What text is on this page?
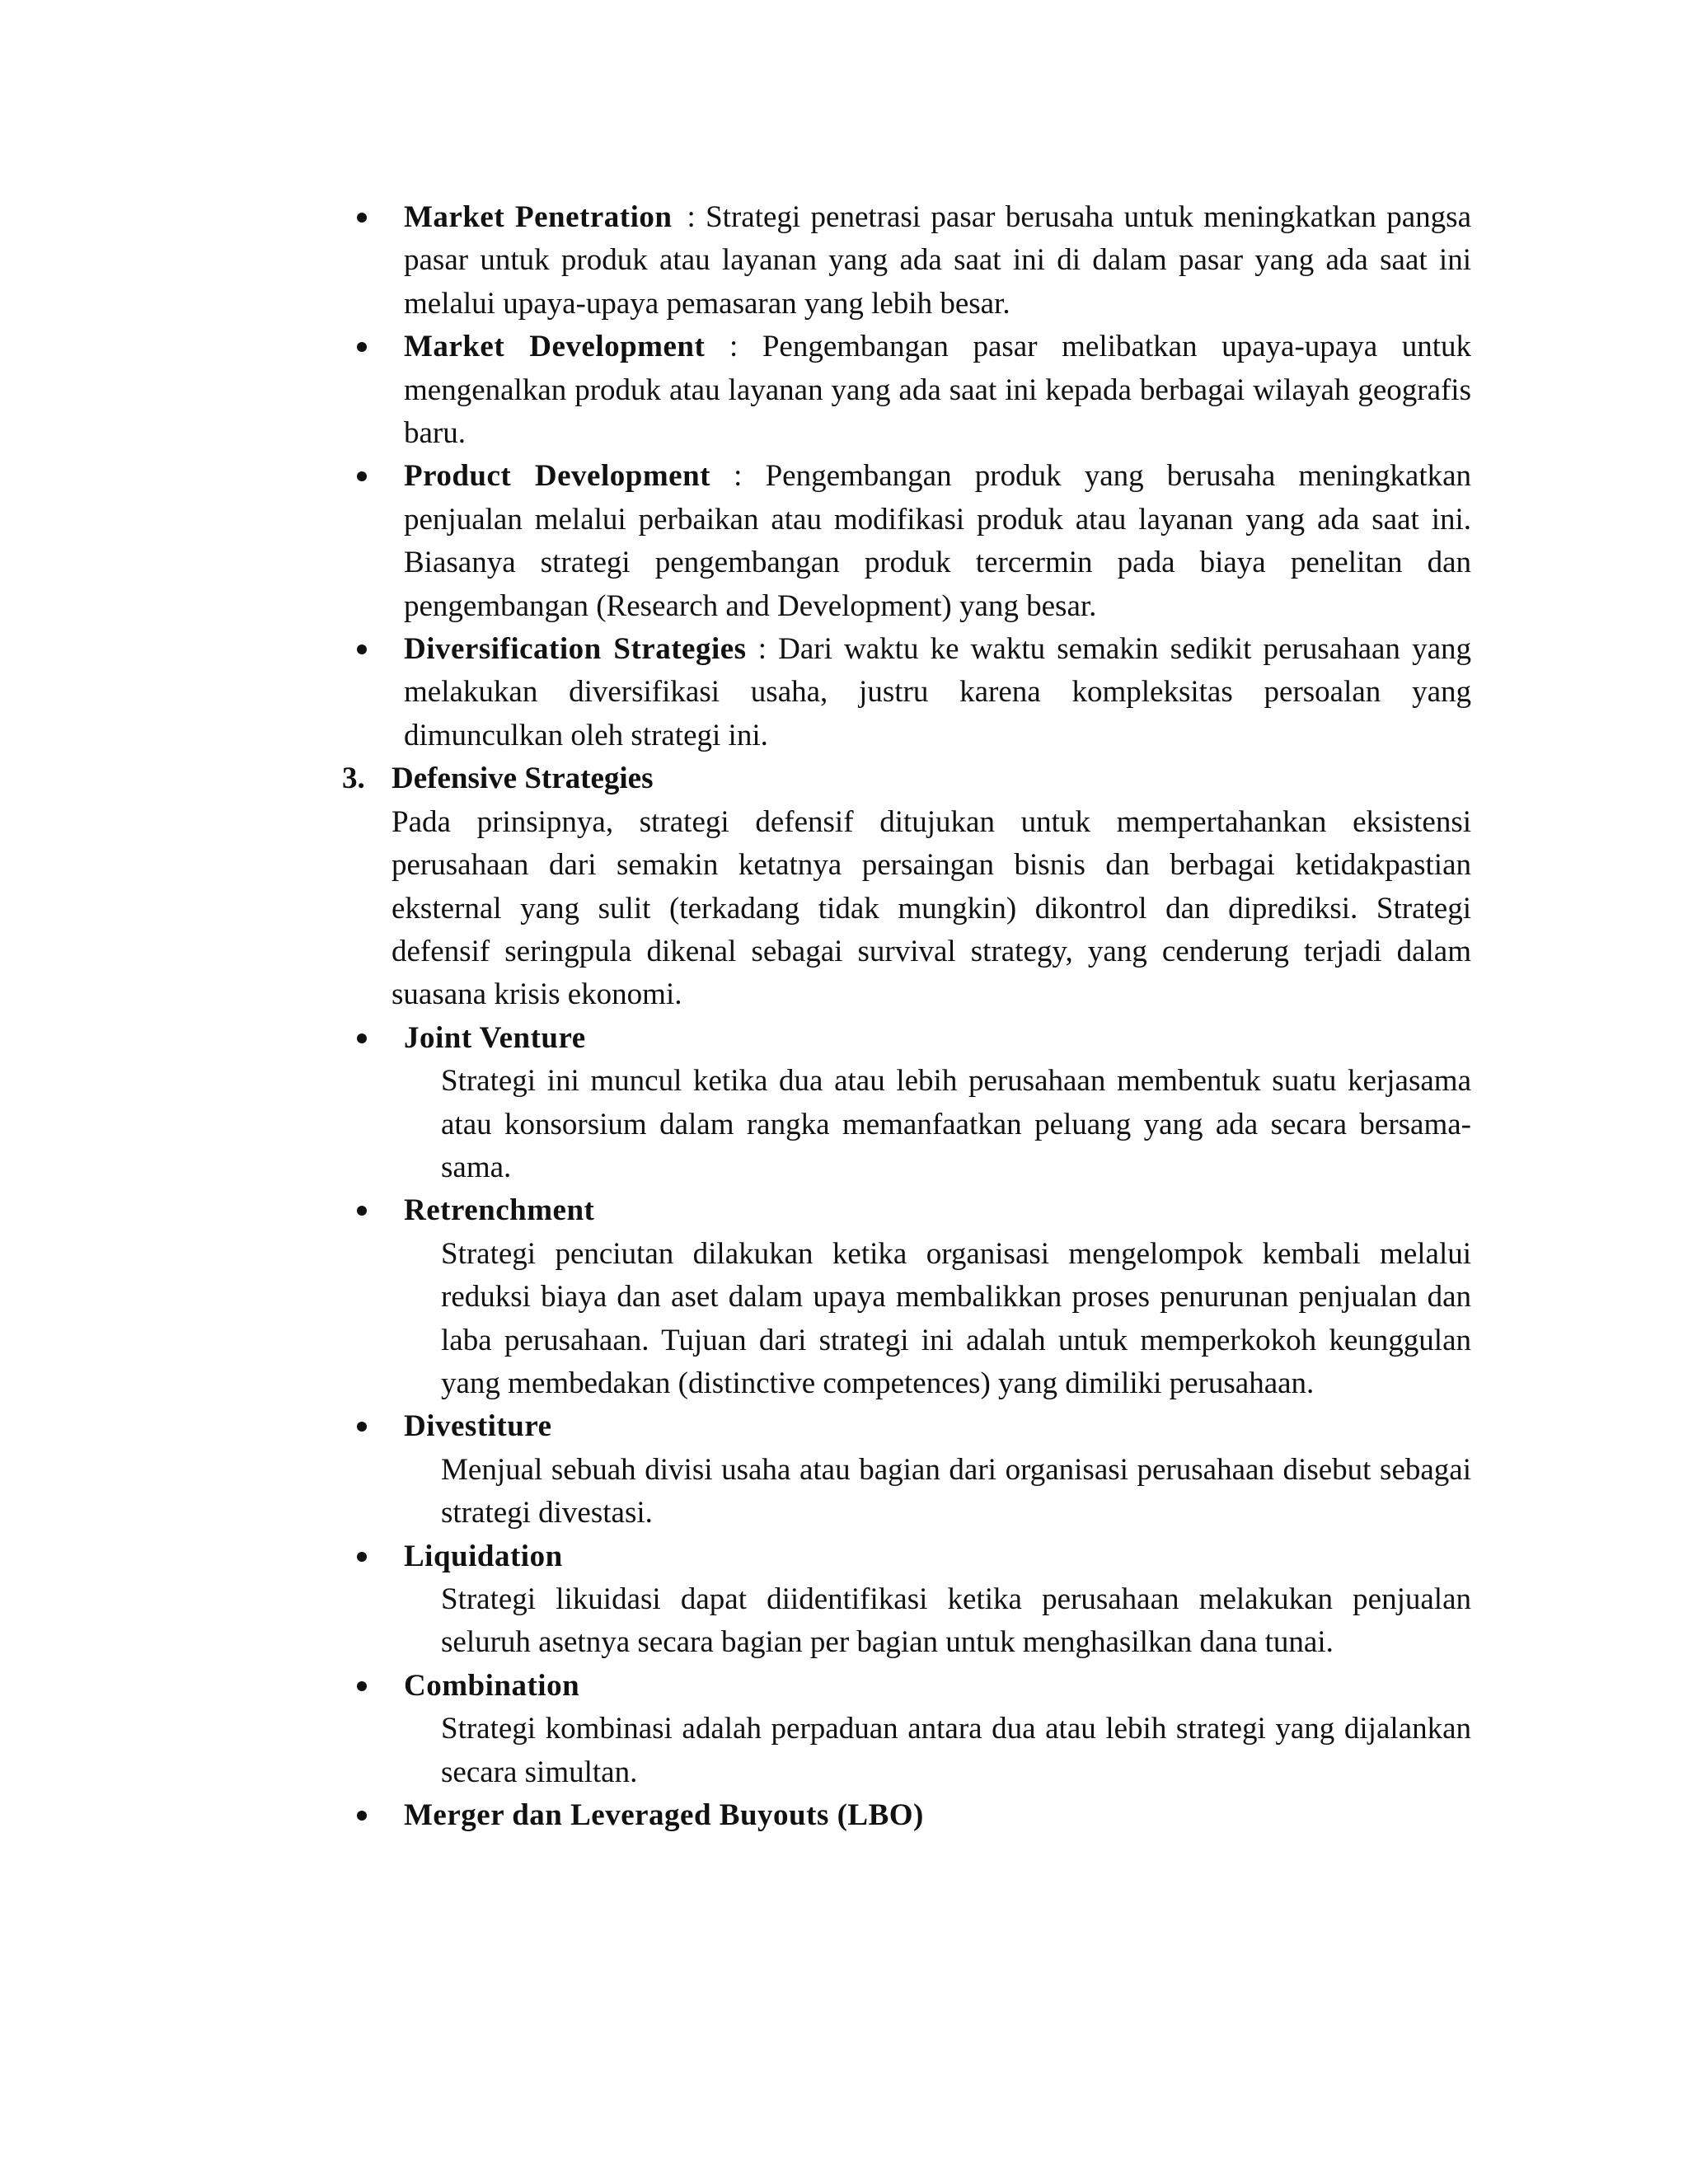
Market Penetration : Strategi penetrasi pasar berusaha untuk meningkatkan pangsa pasar untuk produk atau layanan yang ada saat ini di dalam pasar yang ada saat ini melalui upaya-upaya pemasaran yang lebih besar.

Market Development : Pengembangan pasar melibatkan upaya-upaya untuk mengenalkan produk atau layanan yang ada saat ini kepada berbagai wilayah geografis baru.

Product Development : Pengembangan produk yang berusaha meningkatkan penjualan melalui perbaikan atau modifikasi produk atau layanan yang ada saat ini. Biasanya strategi pengembangan produk tercermin pada biaya penelitan dan pengembangan (Research and Development) yang besar.

Diversification Strategies : Dari waktu ke waktu semakin sedikit perusahaan yang melakukan diversifikasi usaha, justru karena kompleksitas persoalan yang dimunculkan oleh strategi ini.

3. Defensive Strategies

Pada prinsipnya, strategi defensif ditujukan untuk mempertahankan eksistensi perusahaan dari semakin ketatnya persaingan bisnis dan berbagai ketidakpastian eksternal yang sulit (terkadang tidak mungkin) dikontrol dan diprediksi. Strategi defensif seringpula dikenal sebagai survival strategy, yang cenderung terjadi dalam suasana krisis ekonomi.

Joint Venture

Strategi ini muncul ketika dua atau lebih perusahaan membentuk suatu kerjasama atau konsorsium dalam rangka memanfaatkan peluang yang ada secara bersama-sama.

Retrenchment

Strategi penciutan dilakukan ketika organisasi mengelompok kembali melalui reduksi biaya dan aset dalam upaya membalikkan proses penurunan penjualan dan laba perusahaan. Tujuan dari strategi ini adalah untuk memperkokoh keunggulan yang membedakan (distinctive competences) yang dimiliki perusahaan.

Divestiture

Menjual sebuah divisi usaha atau bagian dari organisasi perusahaan disebut sebagai strategi divestasi.

Liquidation

Strategi likuidasi dapat diidentifikasi ketika perusahaan melakukan penjualan seluruh asetnya secara bagian per bagian untuk menghasilkan dana tunai.

Combination

Strategi kombinasi adalah perpaduan antara dua atau lebih strategi yang dijalankan secara simultan.

Merger dan Leveraged Buyouts (LBO)
